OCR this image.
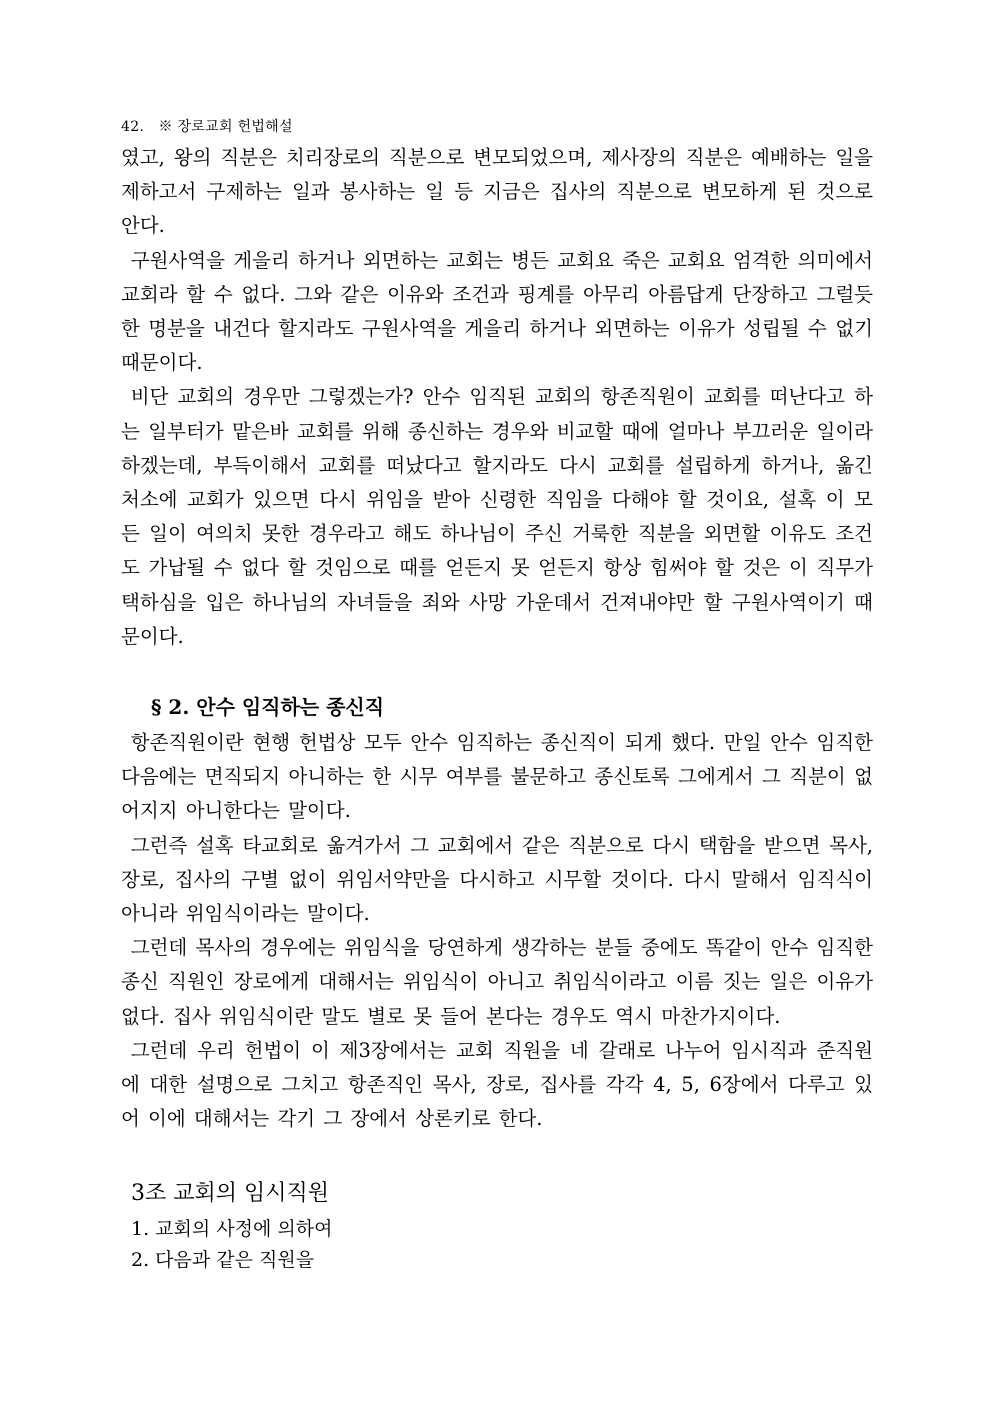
42. ※ 장로교회 헌법해설

였고, 왕의 직분은 치리장로의 직분으로 변모되었으며, 제사장의 직분은 예배하는 일을 제하고서 구제하는 일과 봉사하는 일 등 지금은 집사의 직분으로 변모하게 된 것으로 안다.

구원사역을 게을리 하거나 외면하는 교회는 병든 교회요 죽은 교회요 엄격한 의미에서 교회라 할 수 없다. 그와 같은 이유와 조건과 핑계를 아무리 아름답게 단장하고 그럴듯한 명분을 내건다 할지라도 구원사역을 게을리 하거나 외면하는 이유가 성립될 수 없기 때문이다.

비단 교회의 경우만 그렇겠는가? 안수 임직된 교회의 항존직원이 교회를 떠난다고 하는 일부터가 맡은바 교회를 위해 종신하는 경우와 비교할 때에 얼마나 부끄러운 일이라 하겠는데, 부득이해서 교회를 떠났다고 할지라도 다시 교회를 설립하게 하거나, 옮긴 처소에 교회가 있으면 다시 위임을 받아 신령한 직임을 다해야 할 것이요, 설혹 이 모든 일이 여의치 못한 경우라고 해도 하나님이 주신 거룩한 직분을 외면할 이유도 조건도 가납될 수 없다 할 것임으로 때를 얻든지 못 얻든지 항상 힘써야 할 것은 이 직무가 택하심을 입은 하나님의 자녀들을 죄와 사망 가운데서 건져내야만 할 구원사역이기 때문이다.

§ 2. 안수 임직하는 종신직

항존직원이란 현행 헌법상 모두 안수 임직하는 종신직이 되게 했다. 만일 안수 임직한 다음에는 면직되지 아니하는 한 시무 여부를 불문하고 종신토록 그에게서 그 직분이 없어지지 아니한다는 말이다.

그런즉 설혹 타교회로 옮겨가서 그 교회에서 같은 직분으로 다시 택함을 받으면 목사, 장로, 집사의 구별 없이 위임서약만을 다시하고 시무할 것이다. 다시 말해서 임직식이 아니라 위임식이라는 말이다.

그런데 목사의 경우에는 위임식을 당연하게 생각하는 분들 중에도 똑같이 안수 임직한 종신 직원인 장로에게 대해서는 위임식이 아니고 취임식이라고 이름 짓는 일은 이유가 없다. 집사 위임식이란 말도 별로 못 들어 본다는 경우도 역시 마찬가지이다.

그런데 우리 헌법이 이 제3장에서는 교회 직원을 네 갈래로 나누어 임시직과 준직원에 대한 설명으로 그치고 항존직인 목사, 장로, 집사를 각각 4, 5, 6장에서 다루고 있어 이에 대해서는 각기 그 장에서 상론키로 한다.

3조 교회의 임시직원
1. 교회의 사정에 의하여
2. 다음과 같은 직원을
